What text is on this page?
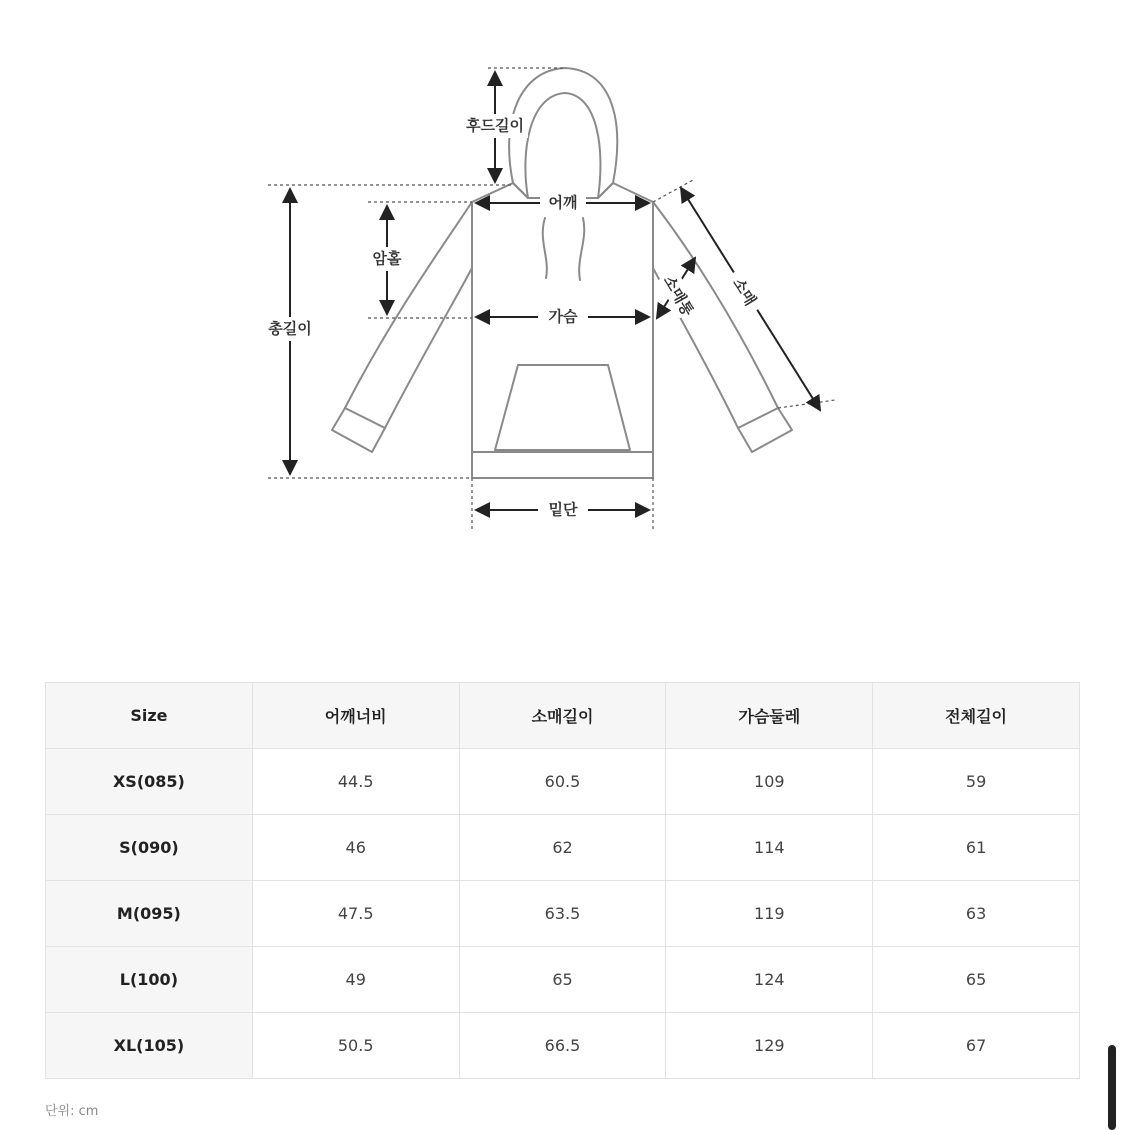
후드길이
총길이
암홀
어깨
가슴
밑단
소매통 소매
Size	어깨너비	소매길이	가슴둘레	전체길이
XS(085)	44.5	60.5	109	59
S(090)	46	62	114	61
M(095)	47.5	63.5	119	63
L(100)	49	65	124	65
XL(105)	50.5	66.5	129	67
단위: cm
